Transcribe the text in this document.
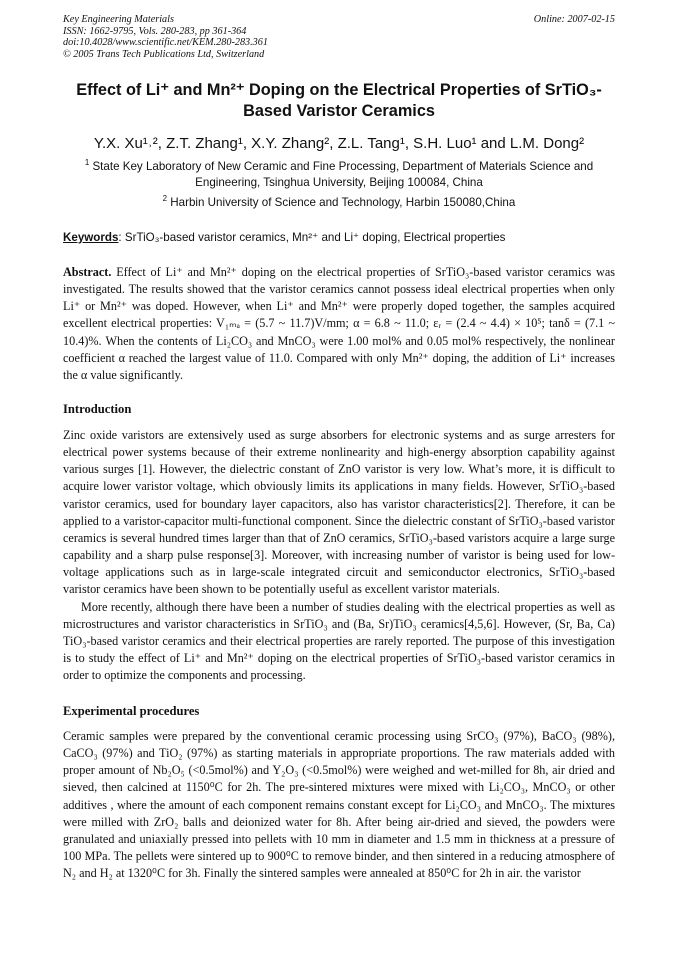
Key Engineering Materials
ISSN: 1662-9795, Vols. 280-283, pp 361-364
doi:10.4028/www.scientific.net/KEM.280-283.361
© 2005 Trans Tech Publications Ltd, Switzerland
Online: 2007-02-15
Effect of Li⁺ and Mn²⁺ Doping on the Electrical Properties of SrTiO₃-
Based Varistor Ceramics
Y.X. Xu¹˒², Z.T. Zhang¹, X.Y. Zhang², Z.L. Tang¹, S.H. Luo¹ and L.M. Dong²
$^1$ State Key Laboratory of New Ceramic and Fine Processing, Department of Materials Science and Engineering, Tsinghua University, Beijing 100084, China
$^2$ Harbin University of Science and Technology, Harbin 150080,China
Keywords: SrTiO₃-based varistor ceramics, Mn²⁺ and Li⁺ doping, Electrical properties
Abstract. Effect of Li⁺ and Mn²⁺ doping on the electrical properties of SrTiO₃-based varistor ceramics was investigated. The results showed that the varistor ceramics cannot possess ideal electrical properties when only Li⁺ or Mn²⁺ was doped. However, when Li⁺ and Mn²⁺ were properly doped together, the samples acquired excellent electrical properties: V₁ₘₐ = (5.7 ~ 11.7)V/mm; α = 6.8 ~ 11.0; εᵣ = (2.4 ~ 4.4) × 10⁵; tanδ = (7.1 ~ 10.4)%. When the contents of Li₂CO₃ and MnCO₃ were 1.00 mol% and 0.05 mol% respectively, the nonlinear coefficient α reached the largest value of 11.0. Compared with only Mn²⁺ doping, the addition of Li⁺ increases the α value significantly.
Introduction

Zinc oxide varistors are extensively used as surge absorbers for electronic systems and as surge arresters for electrical power systems because of their extreme nonlinearity and high-energy absorption capability against various surges [1]. However, the dielectric constant of ZnO varistor is very low. What’s more, it is difficult to acquire lower varistor voltage, which obviously limits its applications in many fields. However, SrTiO₃-based varistor ceramics, used for boundary layer capacitors, also has varistor characteristics[2]. Therefore, it can be applied to a varistor-capacitor multi-functional component. Since the dielectric constant of SrTiO₃-based varistor ceramics is several hundred times larger than that of ZnO ceramics, SrTiO₃-based varistors acquire a large surge capability and a sharp pulse response[3]. Moreover, with increasing number of varistor is being used for low-voltage applications such as in large-scale integrated circuit and semiconductor electronics, SrTiO₃-based varistor ceramics have been shown to be potentially useful as excellent varistor materials.

More recently, although there have been a number of studies dealing with the electrical properties as well as microstructures and varistor characteristics in SrTiO₃ and (Ba, Sr)TiO₃ ceramics[4,5,6]. However, (Sr, Ba, Ca) TiO₃-based varistor ceramics and their electrical properties are rarely reported. The purpose of this investigation is to study the effect of Li⁺ and Mn²⁺ doping on the electrical properties of SrTiO₃-based varistor ceramics in order to optimize the components and processing.

Experimental procedures

Ceramic samples were prepared by the conventional ceramic processing using SrCO₃ (97%), BaCO₃ (98%), CaCO₃ (97%) and TiO₂ (97%) as starting materials in appropriate proportions. The raw materials added with proper amount of Nb₂O₅ (<0.5mol%) and Y₂O₃ (<0.5mol%) were weighed and wet-milled for 8h, air dried and sieved, then calcined at 1150⁰C for 2h. The pre-sintered mixtures were mixed with Li₂CO₃, MnCO₃ or other additives , where the amount of each component remains constant except for Li₂CO₃ and MnCO₃. The mixtures were milled with ZrO₂ balls and deionized water for 8h. After being air-dried and sieved, the powders were granulated and uniaxially pressed into pellets with 10 mm in diameter and 1.5 mm in thickness at a pressure of 100 MPa. The pellets were sintered up to 900⁰C to remove binder, and then sintered in a reducing atmosphere of N₂ and H₂ at 1320⁰C for 3h. Finally the sintered samples were annealed at 850⁰C for 2h in air. the varistor
